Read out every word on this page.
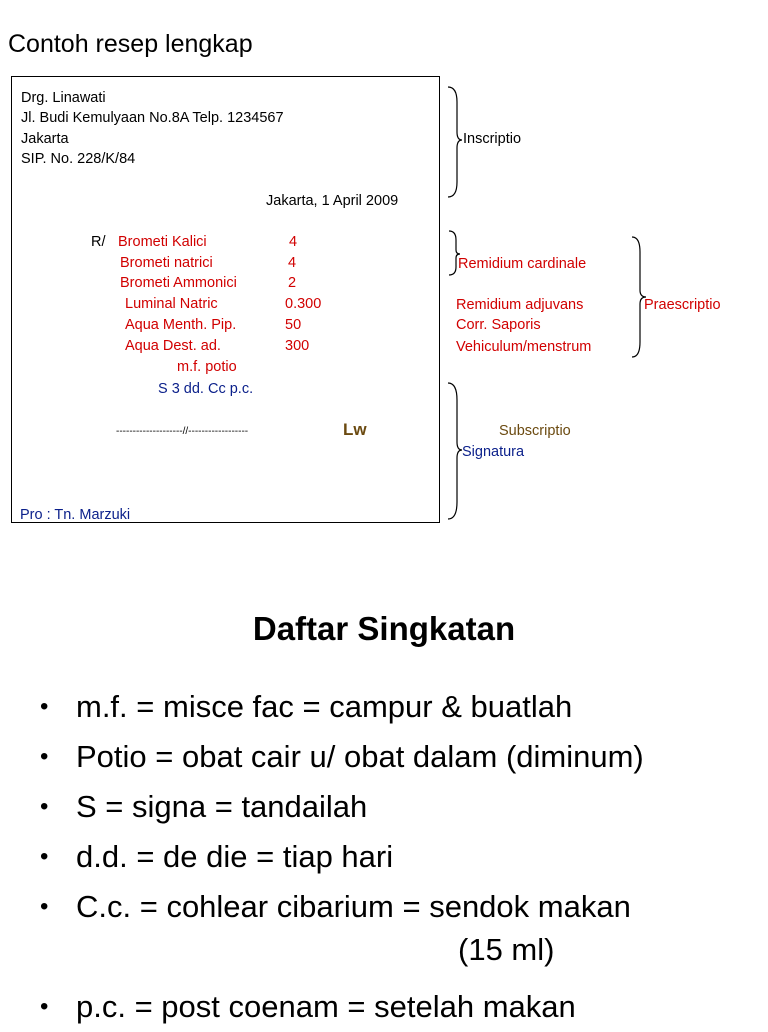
Contoh resep lengkap
Drg. Linawati
Jl. Budi Kemulyaan No.8A Telp. 1234567
Jakarta
SIP. No. 228/K/84
Jakarta, 1 April 2009
R/ Brometi Kalici	4
Brometi natrici	4
Brometi Ammonici	2
Luminal Natric	0.300
Aqua Menth. Pip.	50
Aqua Dest. ad.	300
m.f. potio
S 3 dd. Cc p.c.
--------------------//------------------	Lw
Pro : Tn. Marzuki
Inscriptio
Remidium cardinale
Remidium adjuvans
Corr. Saporis
Vehiculum/menstrum
Praescriptio
Subscriptio
Signatura
Daftar Singkatan
• m.f. = misce fac = campur & buatlah
• Potio = obat cair u/ obat dalam (diminum)
• S = signa = tandailah
• d.d. = de die = tiap hari
• C.c. = cohlear cibarium = sendok makan
• p.c. = post coenam = setelah makan
(15 ml)
